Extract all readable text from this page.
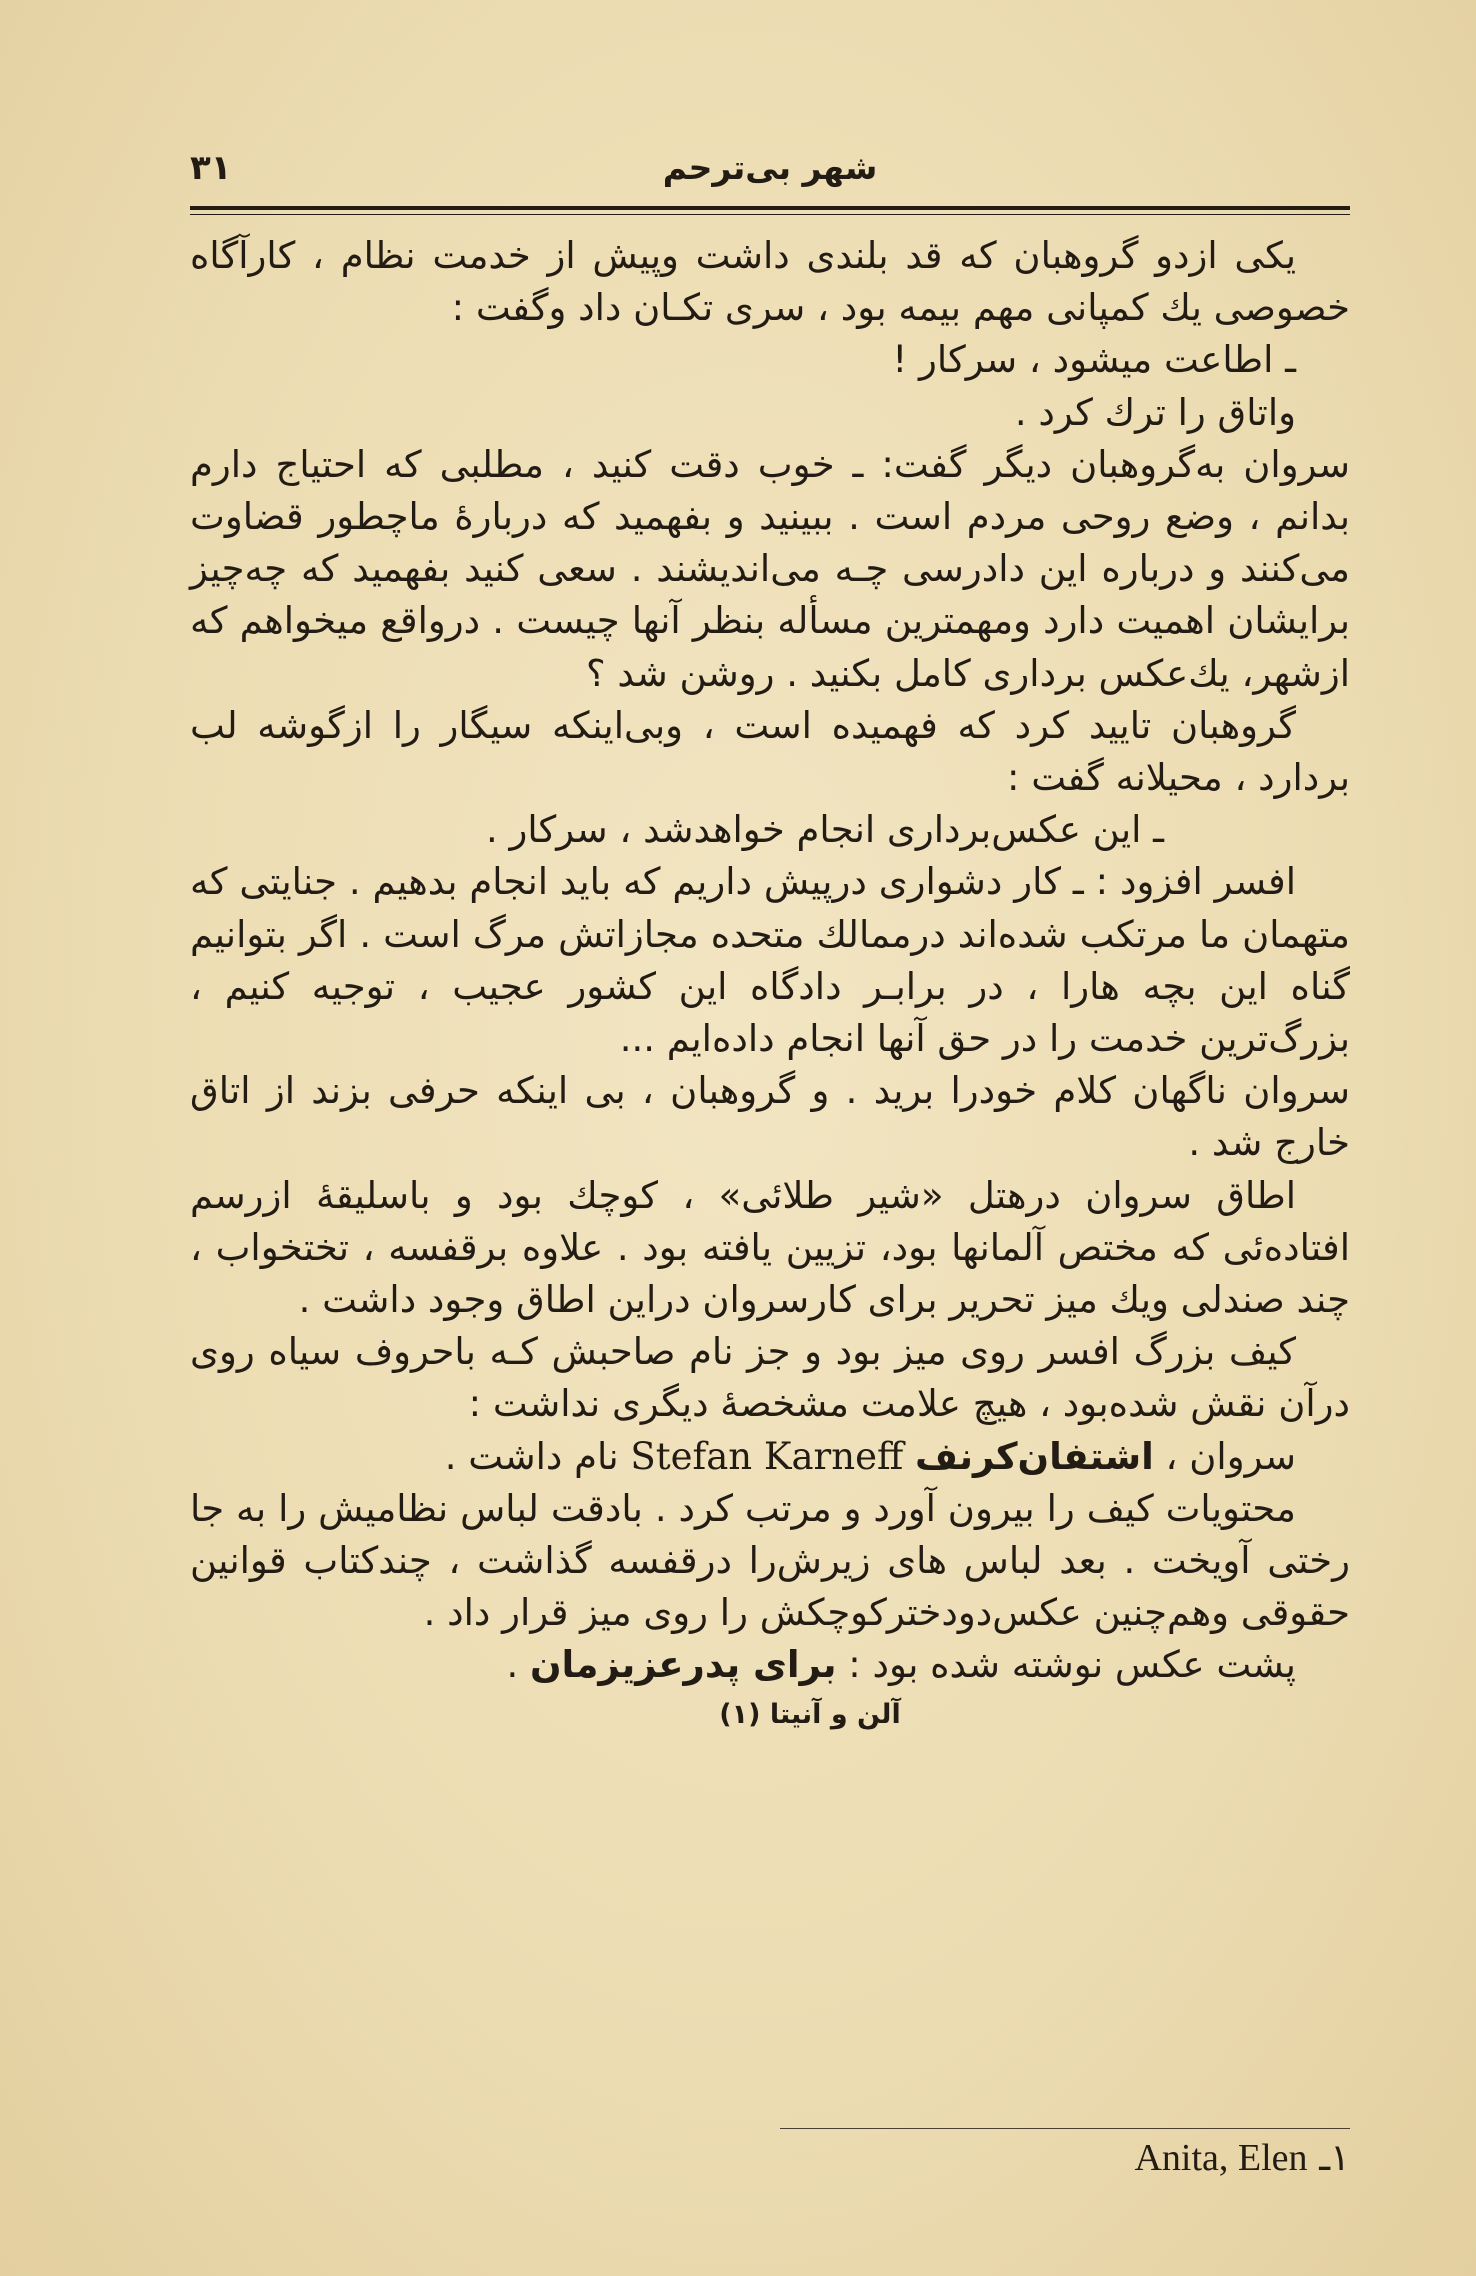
٣١	شهر بی‌ترحم

یکی ازدو گروهبان که قد بلندی داشت وپیش از خدمت نظام ، کارآگاه خصوصی یك کمپانی مهم بیمه بود ، سری تکـان داد وگفت :

ـ اطاعت میشود ، سرکار !

واتاق را ترك کرد .

سروان به‌گروهبان دیگر گفت: ـ خوب دقت کنید ، مطلبی که احتیاج دارم بدانم ، وضع روحی مردم است . ببینید و بفهمید که دربارهٔ ماچطور قضاوت می‌کنند و درباره این دادرسی چـه می‌اندیشند . سعی کنید بفهمید که چه‌چیز برایشان اهمیت دارد ومهمترین مسأله بنظر آنها چیست . درواقع میخواهم که ازشهر، یك‌عکس برداری کامل بکنید . روشن شد ؟

گروهبان تایید کرد که فهمیده است ، وبی‌اینکه سیگار را ازگوشه لب بردارد ، محیلانه گفت :

ـ این عکس‌برداری انجام خواهدشد ، سرکار .

افسر افزود : ـ کار دشواری درپیش داریم که باید انجام بدهیم . جنایتی که متهمان ما مرتکب شده‌اند درممالك متحده مجازاتش مرگ است . اگر بتوانیم گناه این بچه هارا ، در برابـر دادگاه این کشور عجیب ، توجیه کنیم ، بزرگ‌ترین خدمت را در حق آنها انجام داده‌ایم ...

سروان ناگهان کلام خودرا برید . و گروهبان ، بی اینکه حرفی بزند از اتاق خارج شد .

اطاق سروان درهتل «شیر طلائی» ، کوچك بود و باسلیقهٔ ازرسم افتاده‌ئی که مختص آلمانها بود، تزیین یافته بود . علاوه برقفسه ، تختخواب ، چند صندلی ویك میز تحریر برای کارسروان دراین اطاق وجود داشت .

کیف بزرگ افسر روی میز بود و جز نام صاحبش کـه باحروف سیاه روی درآن نقش شده‌بود ، هیچ علامت مشخصهٔ دیگری نداشت :

سروان ، اشتفان‌کرنف Stefan Karneff نام داشت .

محتویات کیف را بیرون آورد و مرتب کرد . بادقت لباس نظامیش را به جا رختی آویخت . بعد لباس های زیرش‌را درقفسه گذاشت ، چندکتاب قوانین حقوقی وهم‌چنین عکس‌دودخترکوچکش را روی میز قرار داد .

پشت عکس نوشته شده بود : برای پدرعزیزمان .

آلن و آنیتا (١)

١ـ Anita, Elen
